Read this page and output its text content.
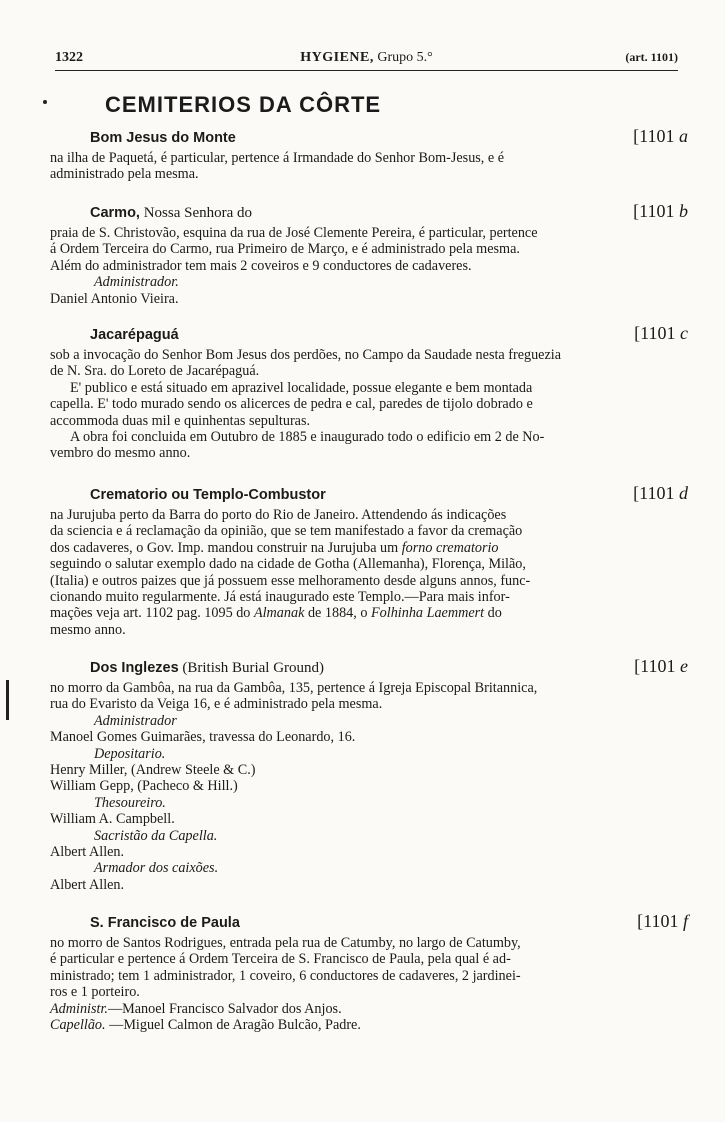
1322	HYGIENE, Grupo 5.°	(art. 1101)
CEMITERIOS DA CÔRTE
Bom Jesus do Monte	[1101 a
na ilha de Paquetá, é particular, pertence á Irmandade do Senhor Bom-Jesus, e é
administrado pela mesma.
Carmo, Nossa Senhora do	[1101 b
praia de S. Christovão, esquina da rua de José Clemente Pereira, é particular, pertence
á Ordem Terceira do Carmo, rua Primeiro de Março, e é administrado pela mesma.
Além do administrador tem mais 2 coveiros e 9 conductores de cadaveres.
Administrador.
Daniel Antonio Vieira.
Jacarépaguá	[1101 c
sob a invocação do Senhor Bom Jesus dos perdões, no Campo da Saudade nesta freguezia
de N. Sra. do Loreto de Jacarépaguá.
E' publico e está situado em aprazivel localidade, possue elegante e bem montada
capella. E' todo murado sendo os alicerces de pedra e cal, paredes de tijolo dobrado e
accommoda duas mil e quinhentas sepulturas.
A obra foi concluida em Outubro de 1885 e inaugurado todo o edificio em 2 de No-
vembro do mesmo anno.
Crematorio ou Templo-Combustor	[1101 d
na Jurujuba perto da Barra do porto do Rio de Janeiro. Attendendo ás indicações
da sciencia e á reclamação da opinião, que se tem manifestado a favor da cremação
dos cadaveres, o Gov. Imp. mandou construir na Jurujuba um forno crematorio
seguindo o salutar exemplo dado na cidade de Gotha (Allemanha), Florença, Milão,
(Italia) e outros paizes que já possuem esse melhoramento desde alguns annos, func-
cionando muito regularmente. Já está inaugurado este Templo.—Para mais infor-
mações veja art. 1102 pag. 1095 do Almanak de 1884, o Folhinha Laemmert do
mesmo anno.
Dos Inglezes (British Burial Ground)	[1101 e
no morro da Gambôa, na rua da Gambôa, 135, pertence á Igreja Episcopal Britannica,
rua do Evaristo da Veiga 16, e é administrado pela mesma.
Administrador
Manoel Gomes Guimarães, travessa do Leonardo, 16.
Depositario.
Henry Miller, (Andrew Steele & C.)
William Gepp, (Pacheco & Hill.)
Thesoureiro.
William A. Campbell.
Sacristão da Capella.
Albert Allen.
Armador dos caixões.
Albert Allen.
S. Francisco de Paula	[1101 f
no morro de Santos Rodrigues, entrada pela rua de Catumby, no largo de Catumby,
é particular e pertence á Ordem Terceira de S. Francisco de Paula, pela qual é ad-
ministrado; tem 1 administrador, 1 coveiro, 6 conductores de cadaveres, 2 jardinei-
ros e 1 porteiro.
Administr.—Manoel Francisco Salvador dos Anjos.
Capellão. —Miguel Calmon de Aragão Bulcão, Padre.
